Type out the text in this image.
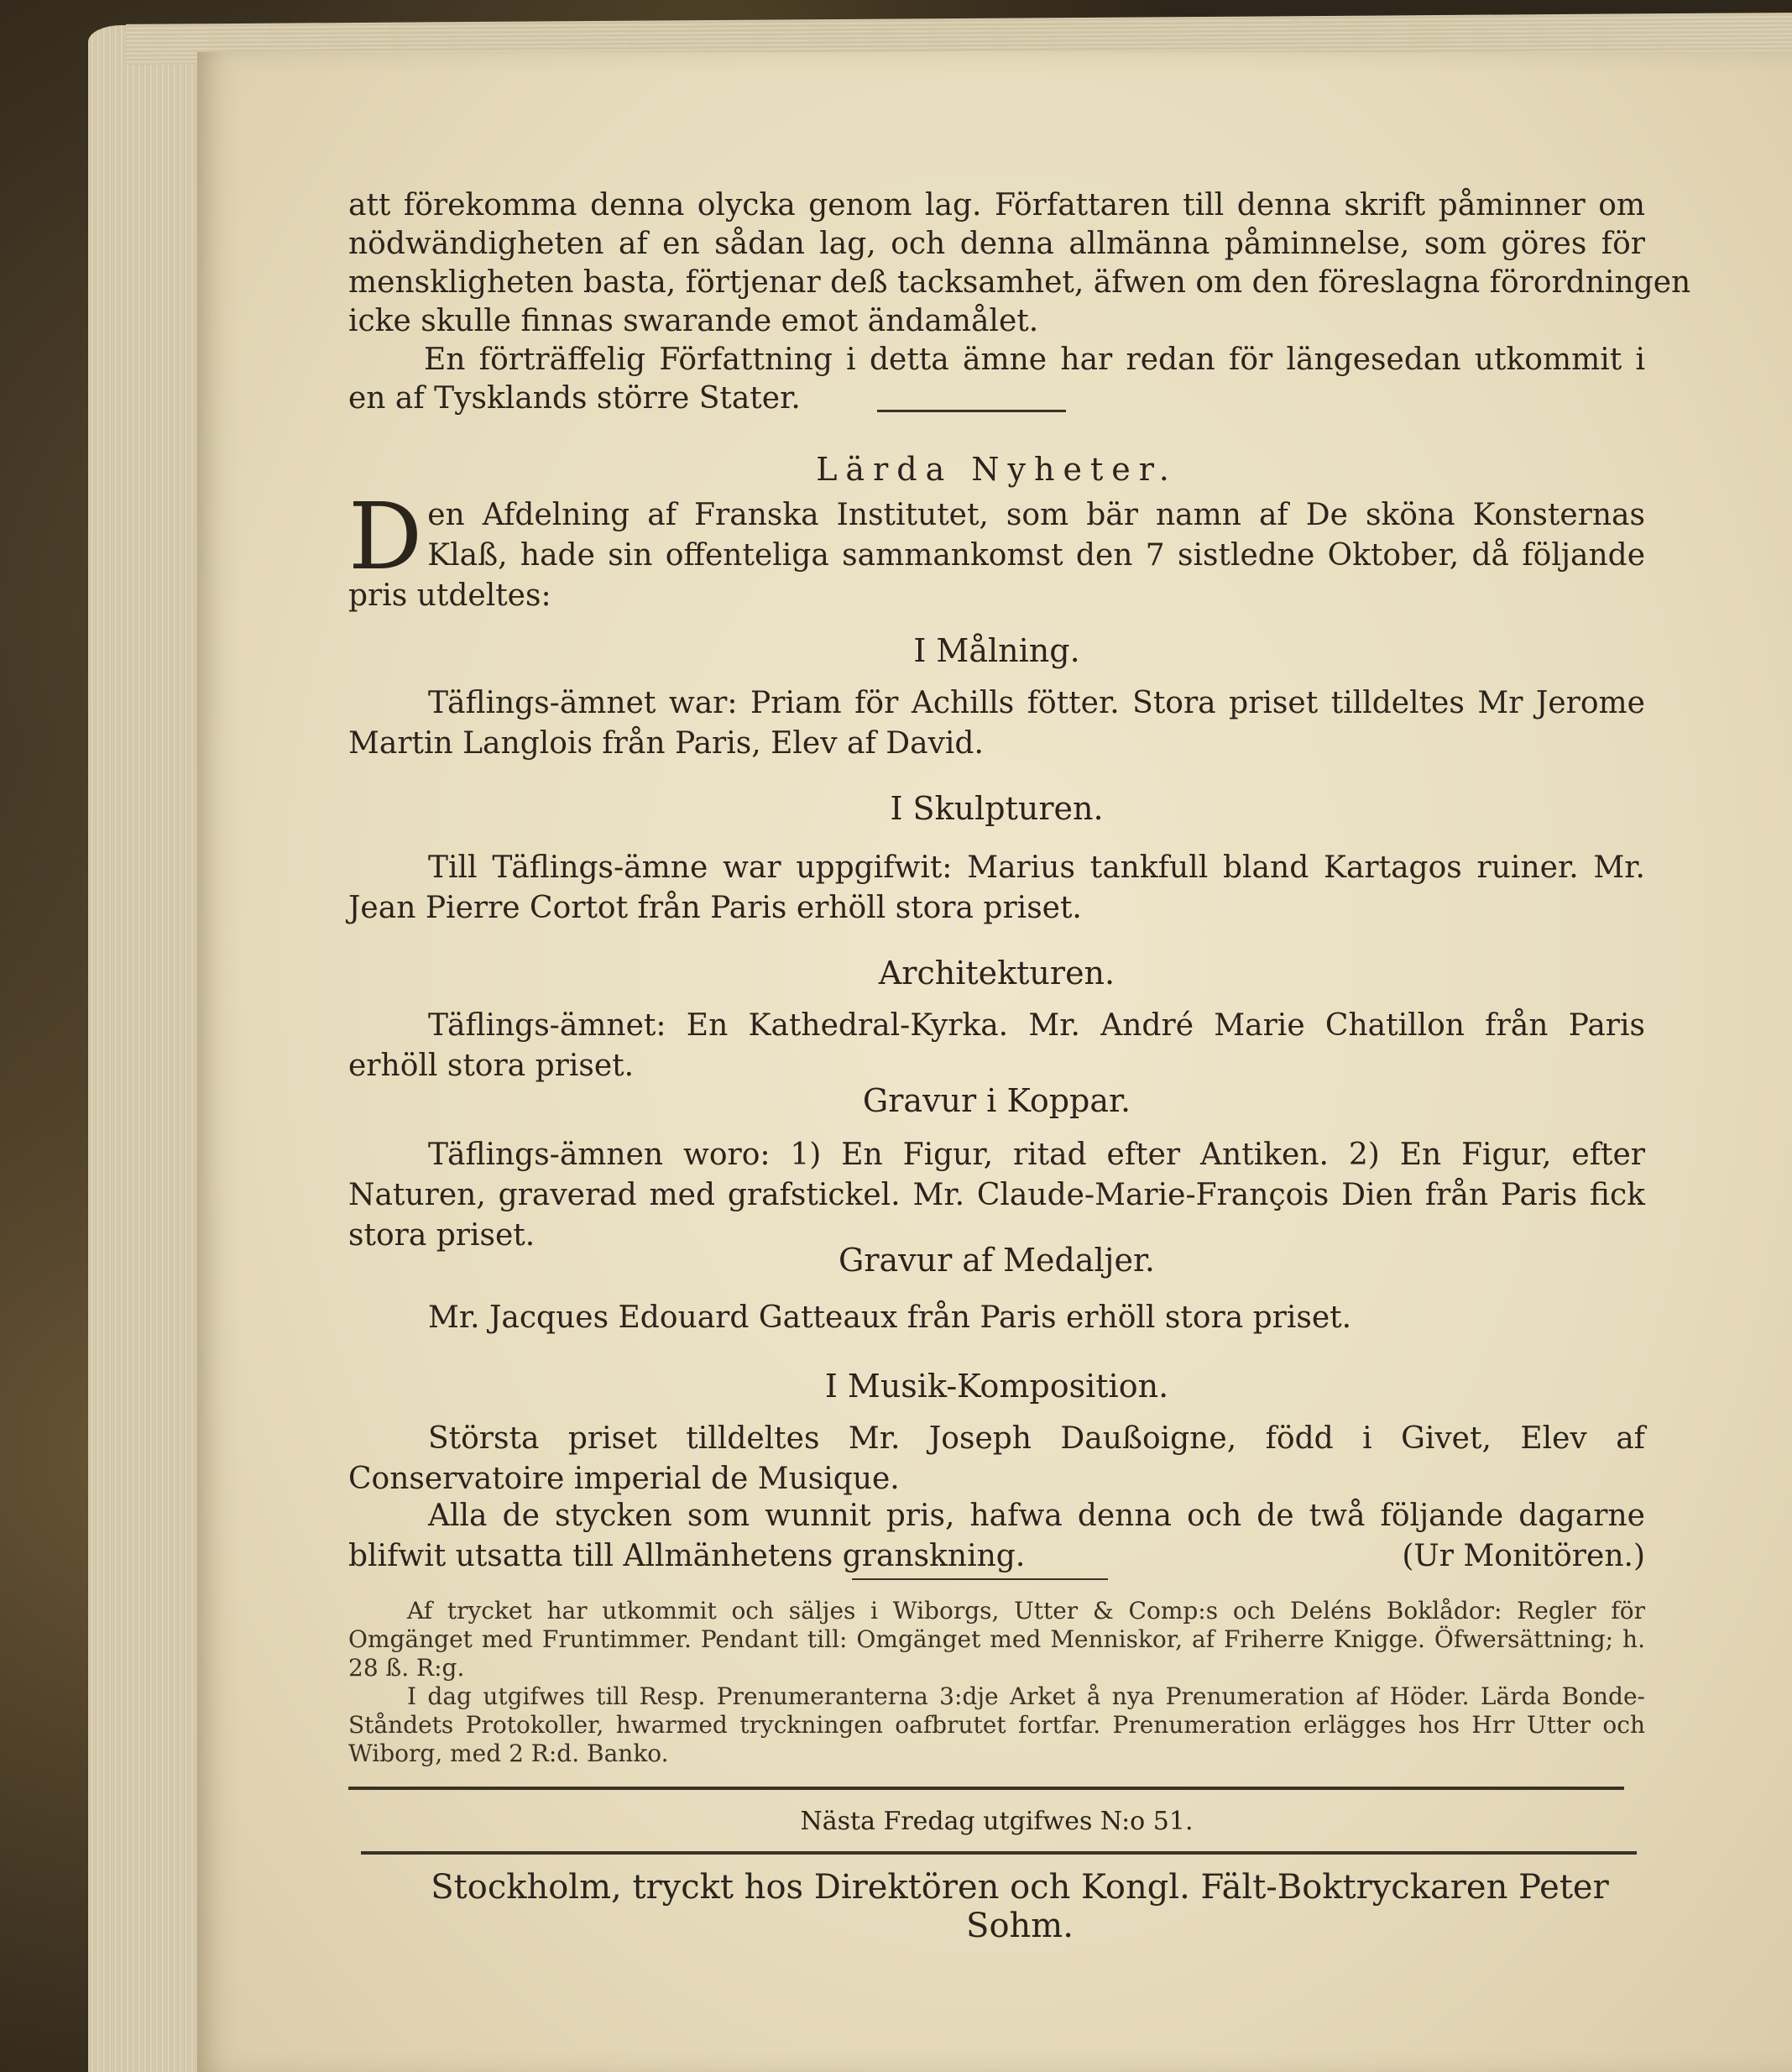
att förekomma denna olycka genom lag. Författaren till denna skrift påminner om
nödwändigheten af en sådan lag, och denna allmänna påminnelse, som göres för
menskligheten basta, förtjenar deß tacksamhet, äfwen om den föreslagna förordningen
icke skulle finnas swarande emot ändamålet.
En förträffelig Författning i detta ämne har redan för längesedan utkommit i
en af Tysklands större Stater.
Lärda Nyheter.
D en Afdelning af Franska Institutet, som bär namn af De sköna Konsternas Klaß, hade sin offenteliga sammankomst den 7 sistledne Oktober, då följande pris utdeltes:
I Målning.
Täflings-ämnet war: Priam för Achills fötter. Stora priset tilldeltes Mr Jerome Martin Langlois från Paris, Elev af David.
I Skulpturen.
Till Täflings-ämne war uppgifwit: Marius tankfull bland Kartagos ruiner. Mr. Jean Pierre Cortot från Paris erhöll stora priset.
Architekturen.
Täflings-ämnet: En Kathedral-Kyrka. Mr. André Marie Chatillon från Paris erhöll stora priset.
Gravur i Koppar.
Täflings-ämnen woro: 1) En Figur, ritad efter Antiken. 2) En Figur, efter Naturen, graverad med grafstickel. Mr. Claude-Marie-François Dien från Paris fick stora priset.
Gravur af Medaljer.
Mr. Jacques Edouard Gatteaux från Paris erhöll stora priset.
I Musik-Komposition.
Största priset tilldeltes Mr. Joseph Daußoigne, född i Givet, Elev af Conservatoire imperial de Musique.
Alla de stycken som wunnit pris, hafwa denna och de twå följande dagarne blifwit utsatta till Allmänhetens granskning.	(Ur Monitören.)
Af trycket har utkommit och säljes i Wiborgs, Utter & Comp:s och Deléns Boklådor: Regler för Omgänget med Fruntimmer. Pendant till: Omgänget med Menniskor, af Friherre Knigge. Öfwersättning; h. 28 ß. R:g.
I dag utgifwes till Resp. Prenumeranterna 3:dje Arket å nya Prenumeration af Höder. Lärda Bonde-Ståndets Protokoller, hwarmed tryckningen oafbrutet fortfar. Prenumeration erlägges hos Hrr Utter och Wiborg, med 2 R:d. Banko.
Nästa Fredag utgifwes N:o 51.
Stockholm, tryckt hos Direktören och Kongl. Fält-Boktryckaren Peter Sohm.
